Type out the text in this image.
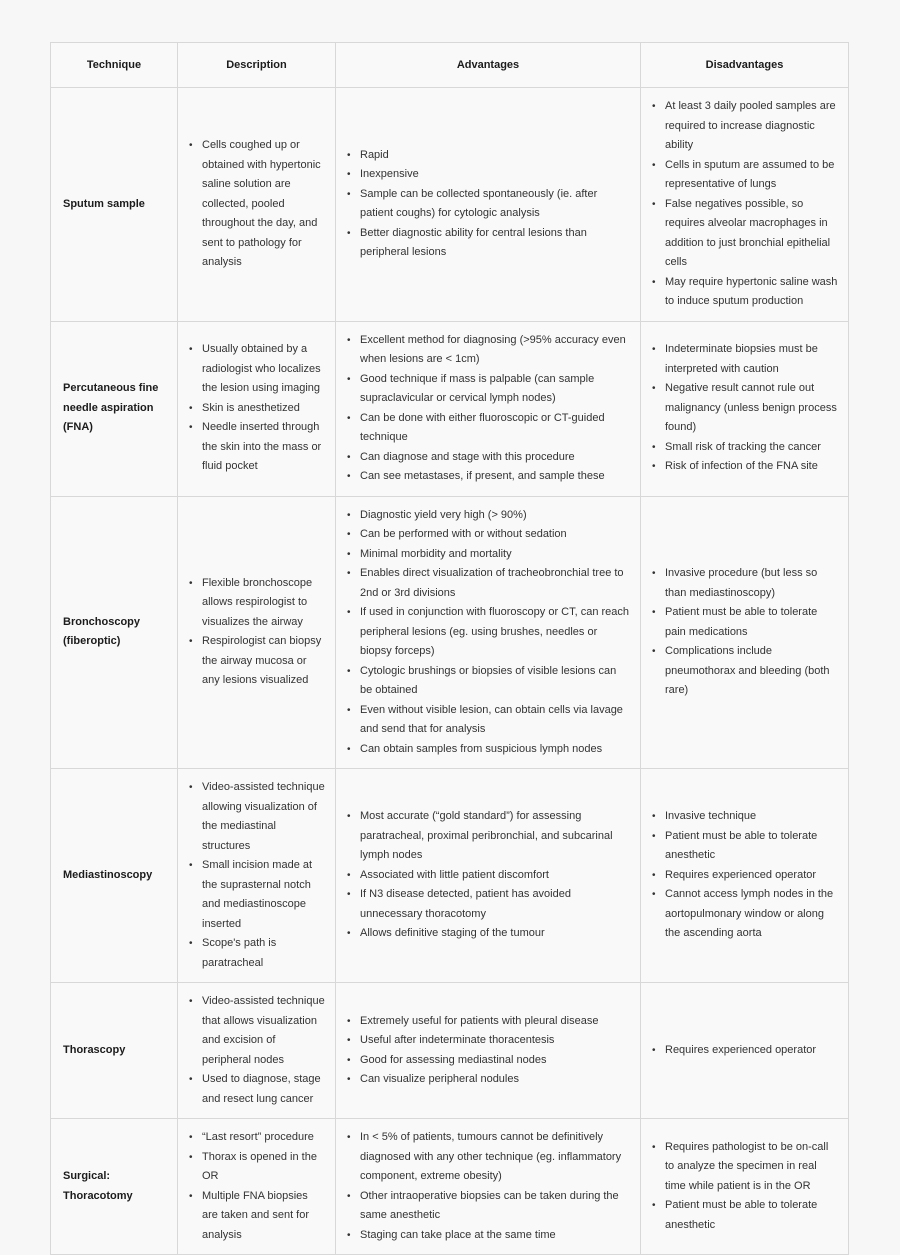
Technique	Description	Advantages	Disadvantages
Sputum sample	
• Cells coughed up or obtained with hypertonic saline solution are collected, pooled throughout the day, and sent to pathology for analysis

• Rapid
• Inexpensive
• Sample can be collected spontaneously (ie. after patient coughs) for cytologic analysis
• Better diagnostic ability for central lesions than peripheral lesions

• At least 3 daily pooled samples are required to increase diagnostic ability
• Cells in sputum are assumed to be representative of lungs
• False negatives possible, so requires alveolar macrophages in addition to just bronchial epithelial cells
• May require hypertonic saline wash to induce sputum production

Percutaneous fine needle aspiration (FNA)	
• Usually obtained by a radiologist who localizes the lesion using imaging
• Skin is anesthetized
• Needle inserted through the skin into the mass or fluid pocket

• Excellent method for diagnosing (>95% accuracy even when lesions are < 1cm)
• Good technique if mass is palpable (can sample supraclavicular or cervical lymph nodes)
• Can be done with either fluoroscopic or CT-guided technique
• Can diagnose and stage with this procedure
• Can see metastases, if present, and sample these

• Indeterminate biopsies must be interpreted with caution
• Negative result cannot rule out malignancy (unless benign process found)
• Small risk of tracking the cancer
• Risk of infection of the FNA site

Bronchoscopy (fiberoptic)	
• Flexible bronchoscope allows respirologist to visualizes the airway
• Respirologist can biopsy the airway mucosa or any lesions visualized

• Diagnostic yield very high (> 90%)
• Can be performed with or without sedation
• Minimal morbidity and mortality
• Enables direct visualization of tracheobronchial tree to 2nd or 3rd divisions
• If used in conjunction with fluoroscopy or CT, can reach peripheral lesions (eg. using brushes, needles or biopsy forceps)
• Cytologic brushings or biopsies of visible lesions can be obtained
• Even without visible lesion, can obtain cells via lavage and send that for analysis
• Can obtain samples from suspicious lymph nodes

• Invasive procedure (but less so than mediastinoscopy)
• Patient must be able to tolerate pain medications
• Complications include pneumothorax and bleeding (both rare)

Mediastinoscopy	
• Video-assisted technique allowing visualization of the mediastinal structures
• Small incision made at the suprasternal notch and mediastinoscope inserted
• Scope's path is paratracheal

• Most accurate (“gold standard”) for assessing paratracheal, proximal peribronchial, and subcarinal lymph nodes
• Associated with little patient discomfort
• If N3 disease detected, patient has avoided unnecessary thoracotomy
• Allows definitive staging of the tumour

• Invasive technique
• Patient must be able to tolerate anesthetic
• Requires experienced operator
• Cannot access lymph nodes in the aortopulmonary window or along the ascending aorta

Thorascopy	
• Video-assisted technique that allows visualization and excision of peripheral nodes
• Used to diagnose, stage and resect lung cancer

• Extremely useful for patients with pleural disease
• Useful after indeterminate thoracentesis
• Good for assessing mediastinal nodes
• Can visualize peripheral nodules

• Requires experienced operator

Surgical: Thoracotomy	
• “Last resort” procedure
• Thorax is opened in the OR
• Multiple FNA biopsies are taken and sent for analysis

• In < 5% of patients, tumours cannot be definitively diagnosed with any other technique (eg. inflammatory component, extreme obesity)
• Other intraoperative biopsies can be taken during the same anesthetic
• Staging can take place at the same time

• Requires pathologist to be on-call to analyze the specimen in real time while patient is in the OR
• Patient must be able to tolerate anesthetic
